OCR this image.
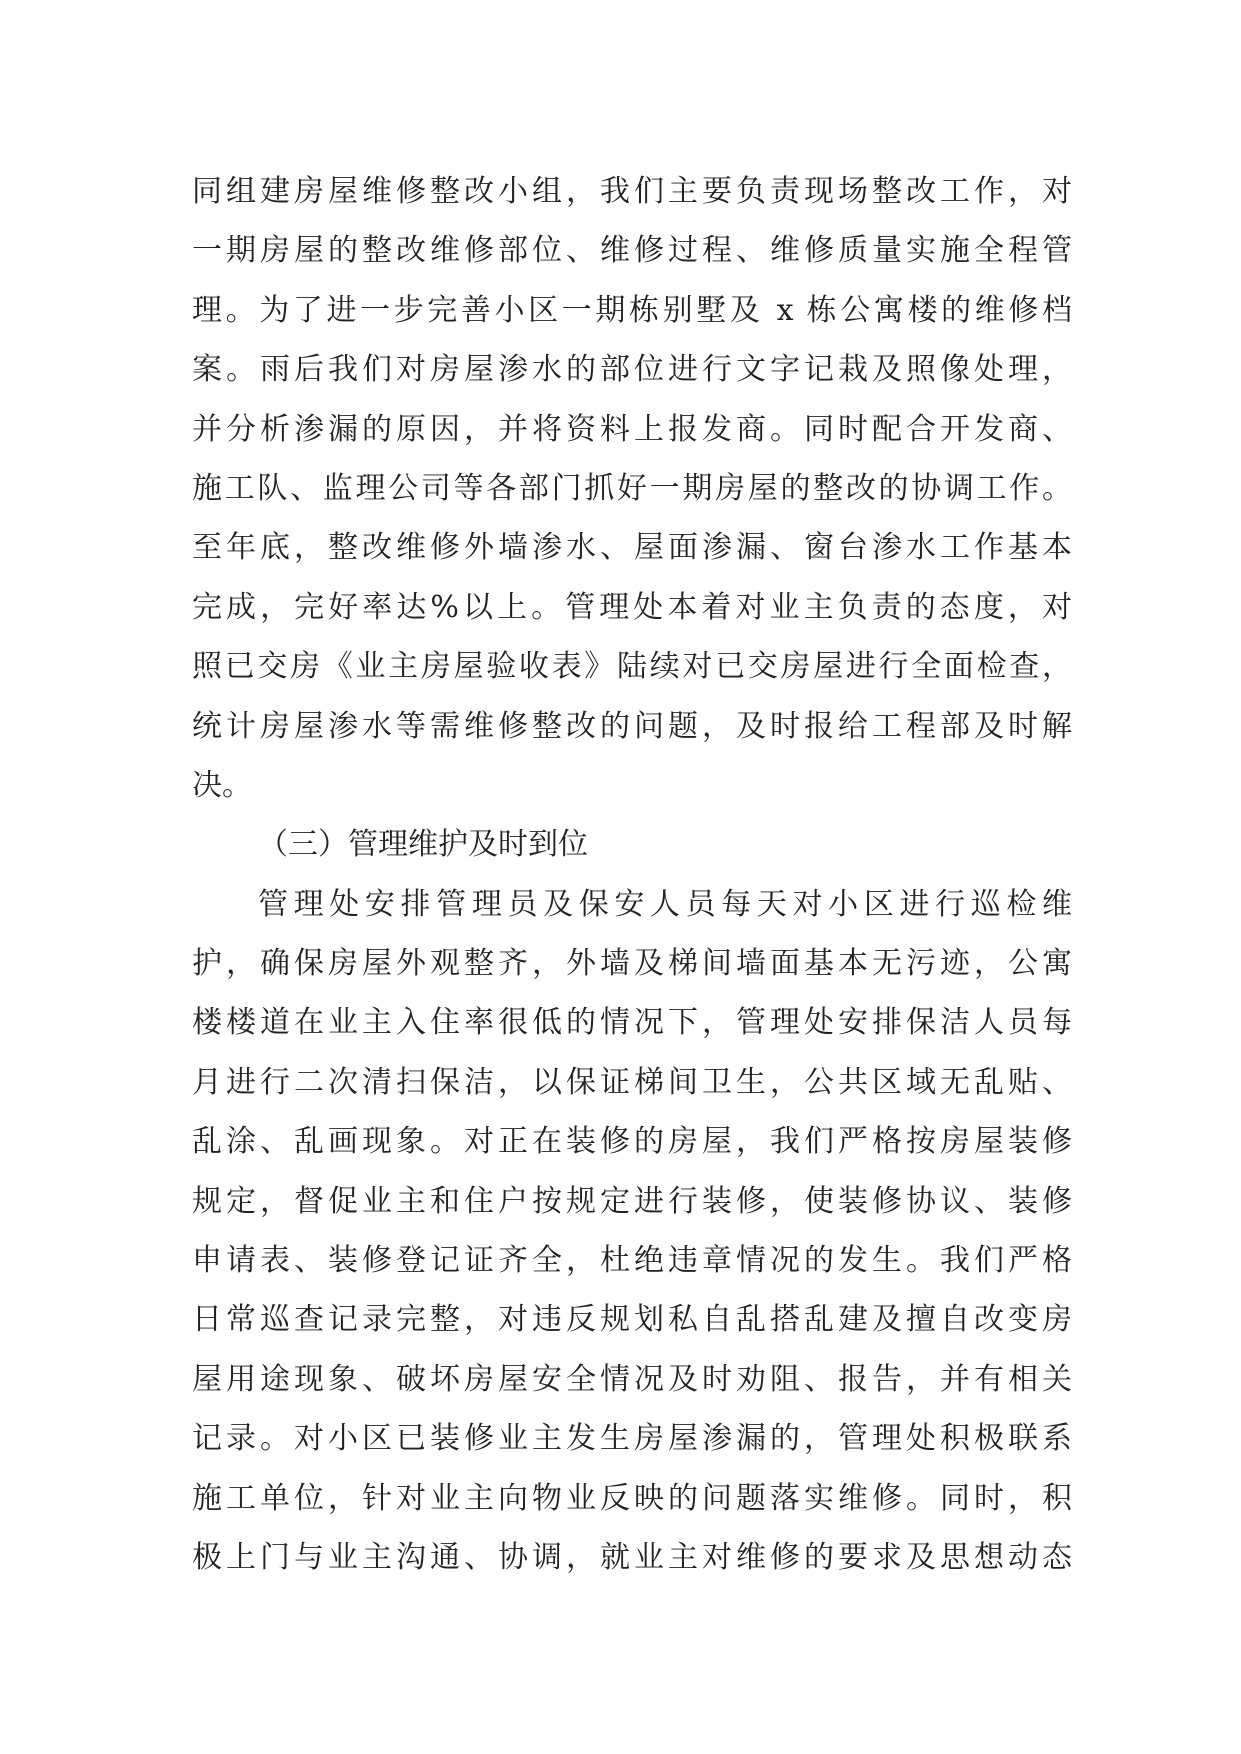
同组建房屋维修整改小组，我们主要负责现场整改工作，对
一期房屋的整改维修部位、维修过程、维修质量实施全程管
理。为了进一步完善小区一期栋别墅及 x 栋公寓楼的维修档
案。雨后我们对房屋渗水的部位进行文字记栽及照像处理，
并分析渗漏的原因，并将资料上报发商。同时配合开发商、
施工队、监理公司等各部门抓好一期房屋的整改的协调工作。
至年底，整改维修外墙渗水、屋面渗漏、窗台渗水工作基本
完成，完好率达%以上。管理处本着对业主负责的态度，对
照已交房《业主房屋验收表》陆续对已交房屋进行全面检查，
统计房屋渗水等需维修整改的问题，及时报给工程部及时解
决。
（三）管理维护及时到位
管理处安排管理员及保安人员每天对小区进行巡检维
护，确保房屋外观整齐，外墙及梯间墙面基本无污迹，公寓
楼楼道在业主入住率很低的情况下，管理处安排保洁人员每
月进行二次清扫保洁，以保证梯间卫生，公共区域无乱贴、
乱涂、乱画现象。对正在装修的房屋，我们严格按房屋装修
规定，督促业主和住户按规定进行装修，使装修协议、装修
申请表、装修登记证齐全，杜绝违章情况的发生。我们严格
日常巡查记录完整，对违反规划私自乱搭乱建及擅自改变房
屋用途现象、破坏房屋安全情况及时劝阻、报告，并有相关
记录。对小区已装修业主发生房屋渗漏的，管理处积极联系
施工单位，针对业主向物业反映的问题落实维修。同时，积
极上门与业主沟通、协调，就业主对维修的要求及思想动态
